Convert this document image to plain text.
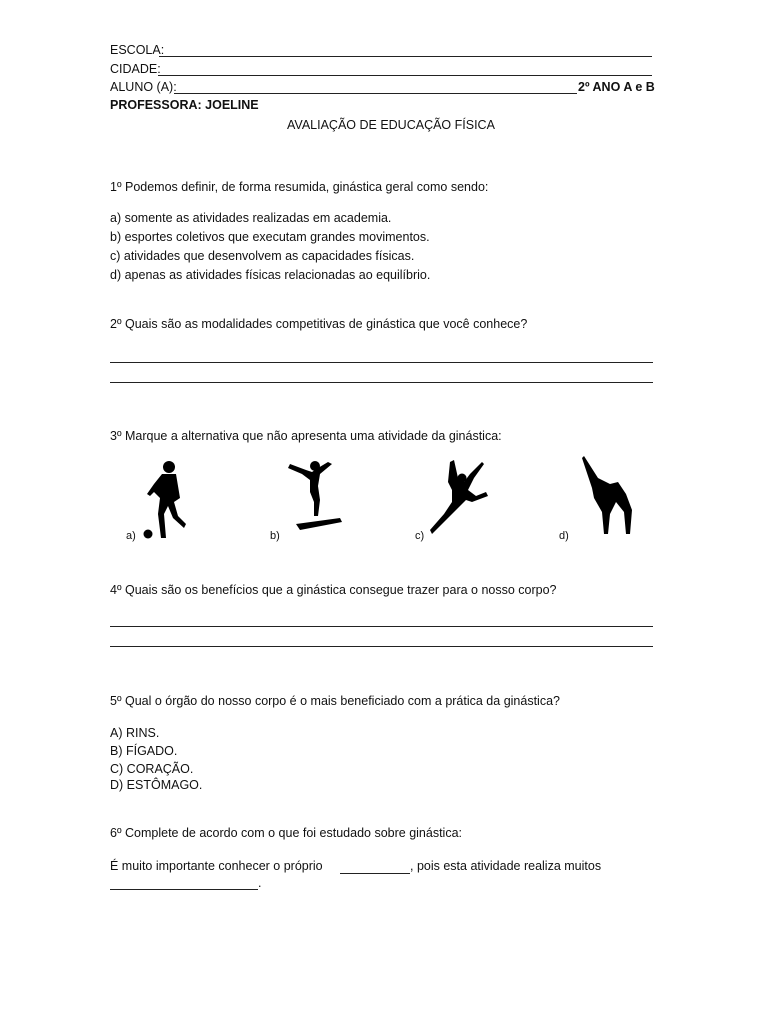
ESCOLA:
CIDADE:
ALUNO (A):	2º ANO A e B
PROFESSORA: JOELINE
AVALIAÇÃO DE EDUCAÇÃO FÍSICA
1º Podemos definir, de forma resumida, ginástica geral como sendo:
a) somente as atividades realizadas em academia.
b) esportes coletivos que executam grandes movimentos.
c) atividades que desenvolvem as capacidades físicas.
d) apenas as atividades físicas relacionadas ao equilíbrio.
2º Quais são as modalidades competitivas de ginástica que você conhece?
3º Marque a alternativa que não apresenta uma atividade da ginástica:
a)	b)	c)	d)
4º Quais são os benefícios que a ginástica consegue trazer para o nosso corpo?
5º Qual o órgão do nosso corpo é o mais beneficiado com a prática da ginástica?
A) RINS.
B) FÍGADO.
C) CORAÇÃO.
D) ESTÔMAGO.
6º Complete de acordo com o que foi estudado sobre ginástica:
É muito importante conhecer o próprio	, pois esta atividade realiza muitos
.
